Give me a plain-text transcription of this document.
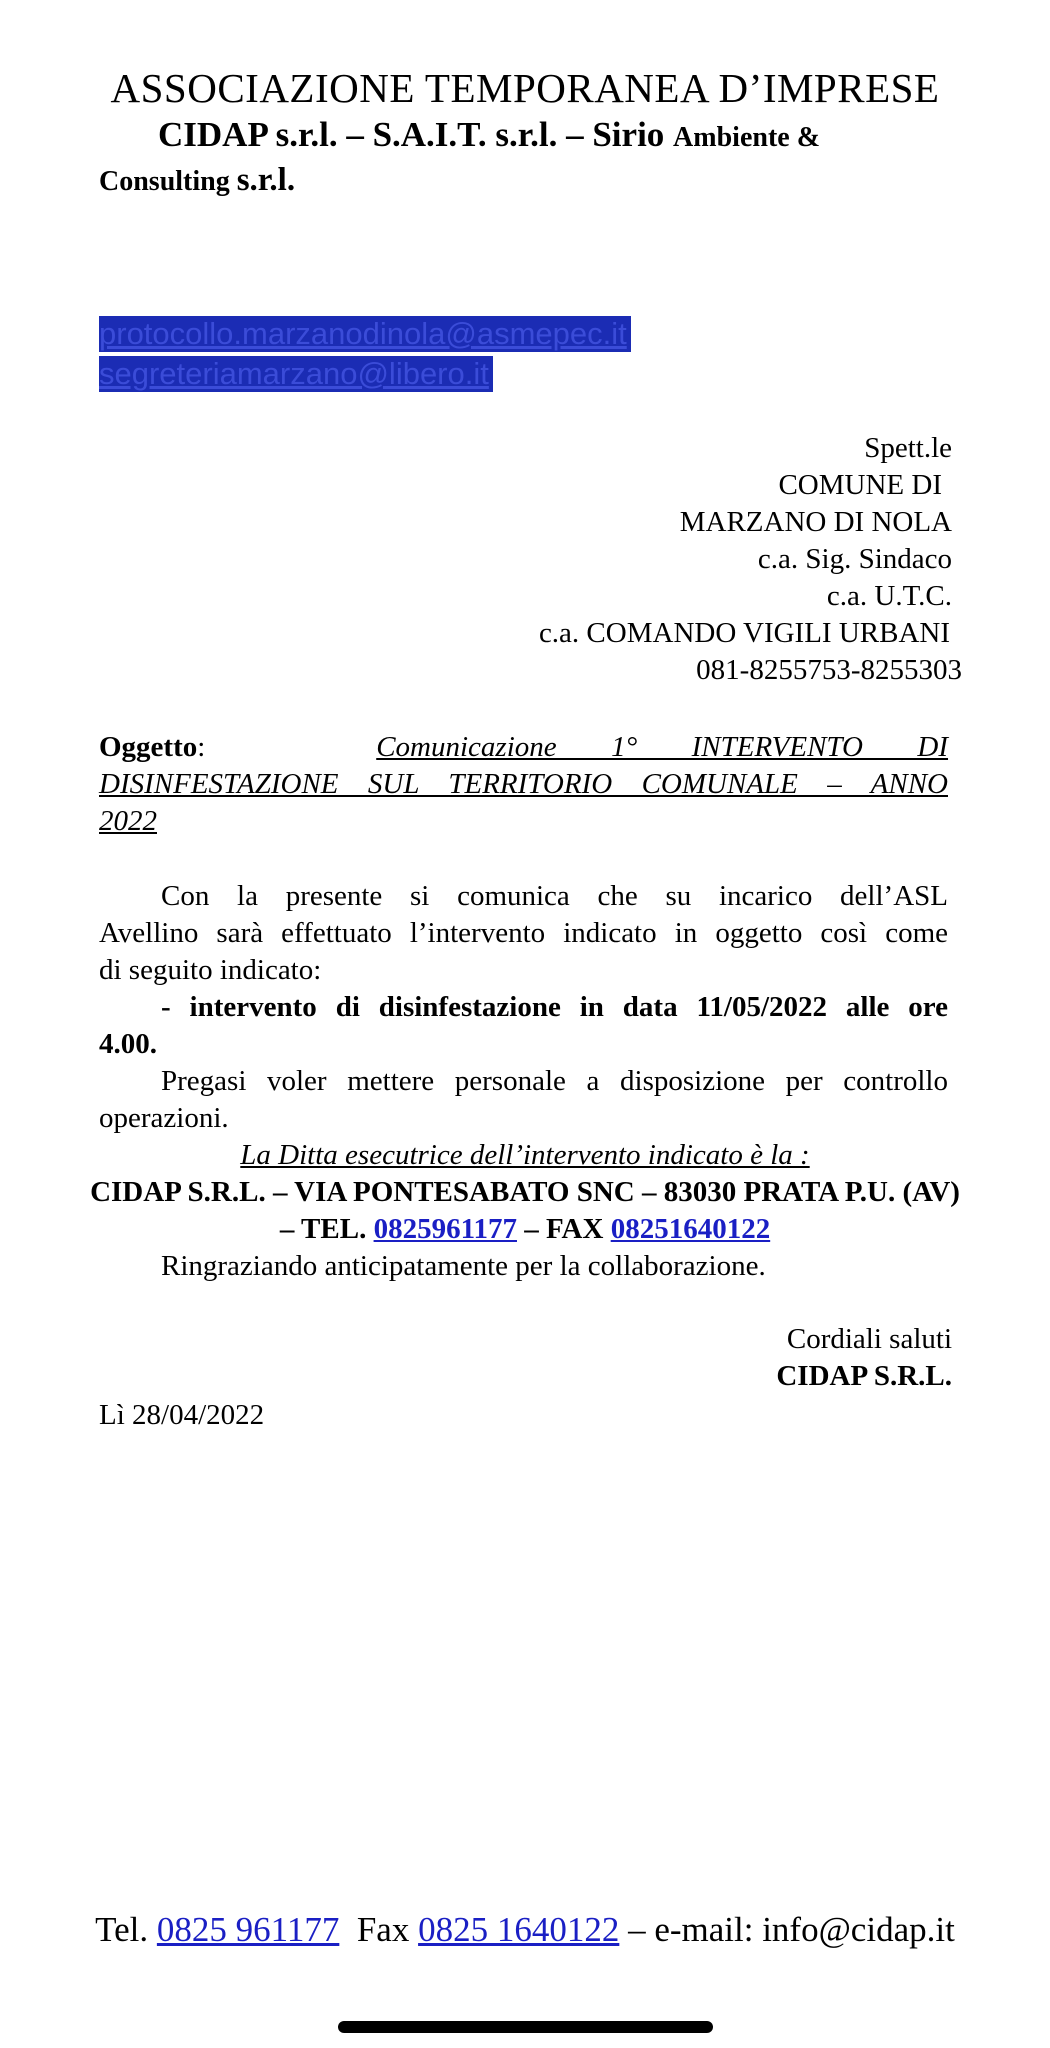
ASSOCIAZIONE TEMPORANEA D’IMPRESE
CIDAP s.r.l. – S.A.I.T. s.r.l. – Sirio Ambiente &
Consulting s.r.l.
protocollo.marzanodinola@asmepec.it
segreteriamarzano@libero.it
Spett.le
COMUNE DI
MARZANO DI NOLA
c.a. Sig. Sindaco
c.a. U.T.C.
c.a. COMANDO VIGILI URBANI
081-8255753-8255303
Oggetto:	Comunicazione 1° INTERVENTO DI
DISINFESTAZIONE SUL TERRITORIO COMUNALE – ANNO
2022
Con la presente si comunica che su incarico dell’ASL
Avellino sarà effettuato l’intervento indicato in oggetto così come
di seguito indicato:
- intervento di disinfestazione in data 11/05/2022 alle ore
4.00.
Pregasi voler mettere personale a disposizione per controllo
operazioni.
La Ditta esecutrice dell’intervento indicato è la :
CIDAP S.R.L. – VIA PONTESABATO SNC – 83030 PRATA P.U. (AV)
– TEL. 0825961177 – FAX 08251640122
Ringraziando anticipatamente per la collaborazione.
Cordiali saluti
CIDAP S.R.L.
Lì 28/04/2022
Tel. 0825 961177 Fax 0825 1640122 – e-mail: info@cidap.it
